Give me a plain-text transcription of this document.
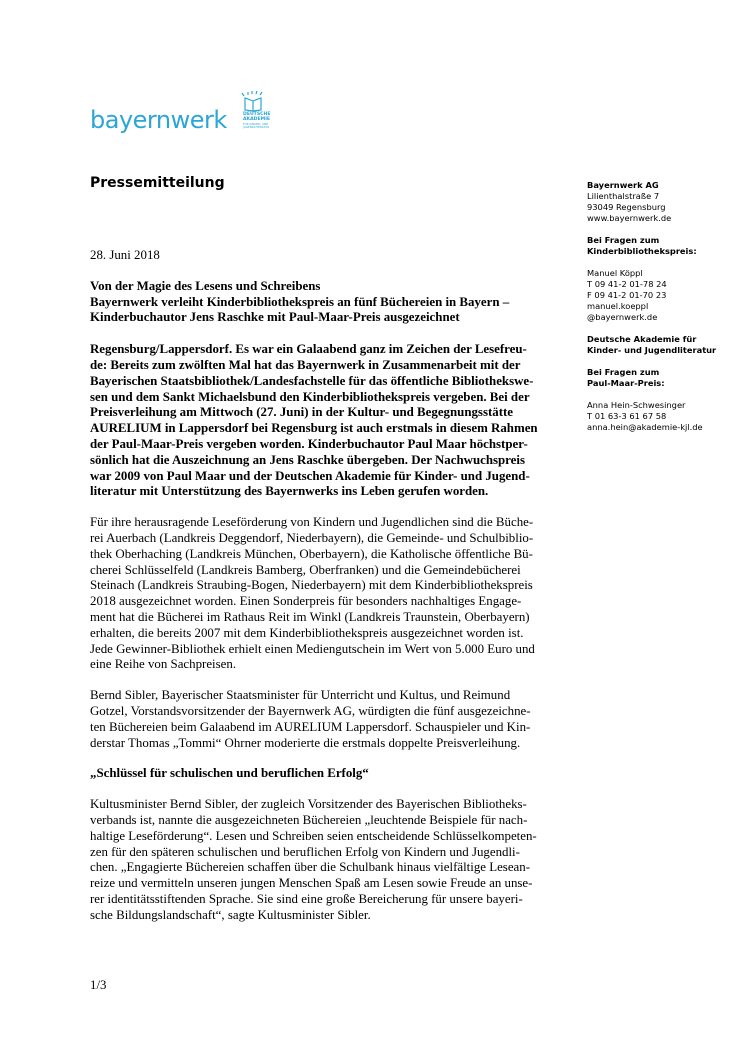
bayernwerk	DEUTSCHE AKADEMIE
FÜR KINDER- UND JUGENDLITERATUR
Pressemitteilung	Bayernwerk AG
Lilienthalstraße 7
93049 Regensburg
www.bayernwerk.de
Bei Fragen zum
Kinderbibliothekspreis:
Manuel Köppl
T 09 41-2 01-78 24
F 09 41-2 01-70 23
manuel.koeppl
@bayernwerk.de
Deutsche Akademie für
Kinder- und Jugendliteratur
Bei Fragen zum
Paul-Maar-Preis:
Anna Hein-Schwesinger
T 01 63-3 61 67 58
anna.hein@akademie-kjl.de
28. Juni 2018
Von der Magie des Lesens und Schreibens
Bayernwerk verleiht Kinderbibliothekspreis an fünf Büchereien in Bayern –
Kinderbuchautor Jens Raschke mit Paul-Maar-Preis ausgezeichnet
Regensburg/Lappersdorf. Es war ein Galaabend ganz im Zeichen der Lesefreu-
de: Bereits zum zwölften Mal hat das Bayernwerk in Zusammenarbeit mit der
Bayerischen Staatsbibliothek/Landesfachstelle für das öffentliche Bibliothekswe-
sen und dem Sankt Michaelsbund den Kinderbibliothekspreis vergeben. Bei der
Preisverleihung am Mittwoch (27. Juni) in der Kultur- und Begegnungsstätte
AURELIUM in Lappersdorf bei Regensburg ist auch erstmals in diesem Rahmen
der Paul-Maar-Preis vergeben worden. Kinderbuchautor Paul Maar höchstper-
sönlich hat die Auszeichnung an Jens Raschke übergeben. Der Nachwuchspreis
war 2009 von Paul Maar und der Deutschen Akademie für Kinder- und Jugend-
literatur mit Unterstützung des Bayernwerks ins Leben gerufen worden.
Für ihre herausragende Leseförderung von Kindern und Jugendlichen sind die Büche-
rei Auerbach (Landkreis Deggendorf, Niederbayern), die Gemeinde- und Schulbiblio-
thek Oberhaching (Landkreis München, Oberbayern), die Katholische öffentliche Bü-
cherei Schlüsselfeld (Landkreis Bamberg, Oberfranken) und die Gemeindebücherei
Steinach (Landkreis Straubing-Bogen, Niederbayern) mit dem Kinderbibliothekspreis
2018 ausgezeichnet worden. Einen Sonderpreis für besonders nachhaltiges Engage-
ment hat die Bücherei im Rathaus Reit im Winkl (Landkreis Traunstein, Oberbayern)
erhalten, die bereits 2007 mit dem Kinderbibliothekspreis ausgezeichnet worden ist.
Jede Gewinner-Bibliothek erhielt einen Mediengutschein im Wert von 5.000 Euro und
eine Reihe von Sachpreisen.
Bernd Sibler, Bayerischer Staatsminister für Unterricht und Kultus, und Reimund
Gotzel, Vorstandsvorsitzender der Bayernwerk AG, würdigten die fünf ausgezeichne-
ten Büchereien beim Galaabend im AURELIUM Lappersdorf. Schauspieler und Kin-
derstar Thomas „Tommi“ Ohrner moderierte die erstmals doppelte Preisverleihung.
„Schlüssel für schulischen und beruflichen Erfolg“
Kultusminister Bernd Sibler, der zugleich Vorsitzender des Bayerischen Bibliotheks-
verbands ist, nannte die ausgezeichneten Büchereien „leuchtende Beispiele für nach-
haltige Leseförderung“. Lesen und Schreiben seien entscheidende Schlüsselkompeten-
zen für den späteren schulischen und beruflichen Erfolg von Kindern und Jugendli-
chen. „Engagierte Büchereien schaffen über die Schulbank hinaus vielfältige Lesean-
reize und vermitteln unseren jungen Menschen Spaß am Lesen sowie Freude an unse-
rer identitätsstiftenden Sprache. Sie sind eine große Bereicherung für unsere bayeri-
sche Bildungslandschaft“, sagte Kultusminister Sibler.
1/3
